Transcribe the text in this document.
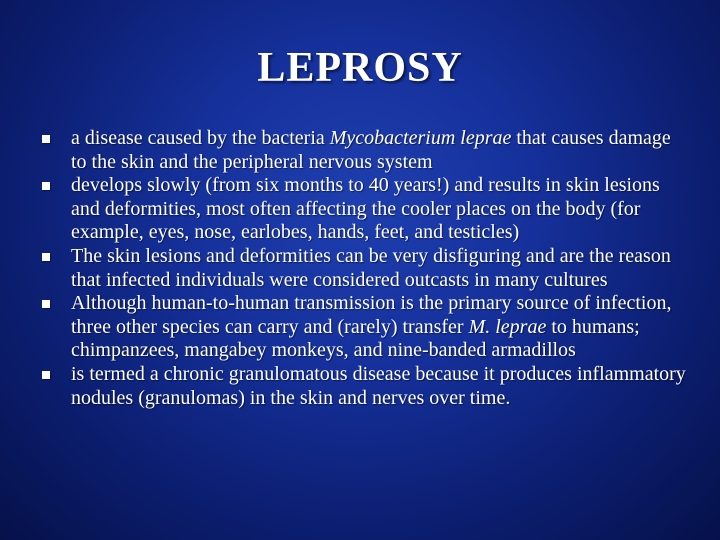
LEPROSY
a disease caused by the bacteria Mycobacterium leprae that causes damage to the skin and the peripheral nervous system
develops slowly (from six months to 40 years!) and results in skin lesions and deformities, most often affecting the cooler places on the body (for example, eyes, nose, earlobes, hands, feet, and testicles)
The skin lesions and deformities can be very disfiguring and are the reason that infected individuals were considered outcasts in many cultures
Although human-to-human transmission is the primary source of infection, three other species can carry and (rarely) transfer M. leprae to humans; chimpanzees, mangabey monkeys, and nine-banded armadillos
is termed a chronic granulomatous disease because it produces inflammatory nodules (granulomas) in the skin and nerves over time.
